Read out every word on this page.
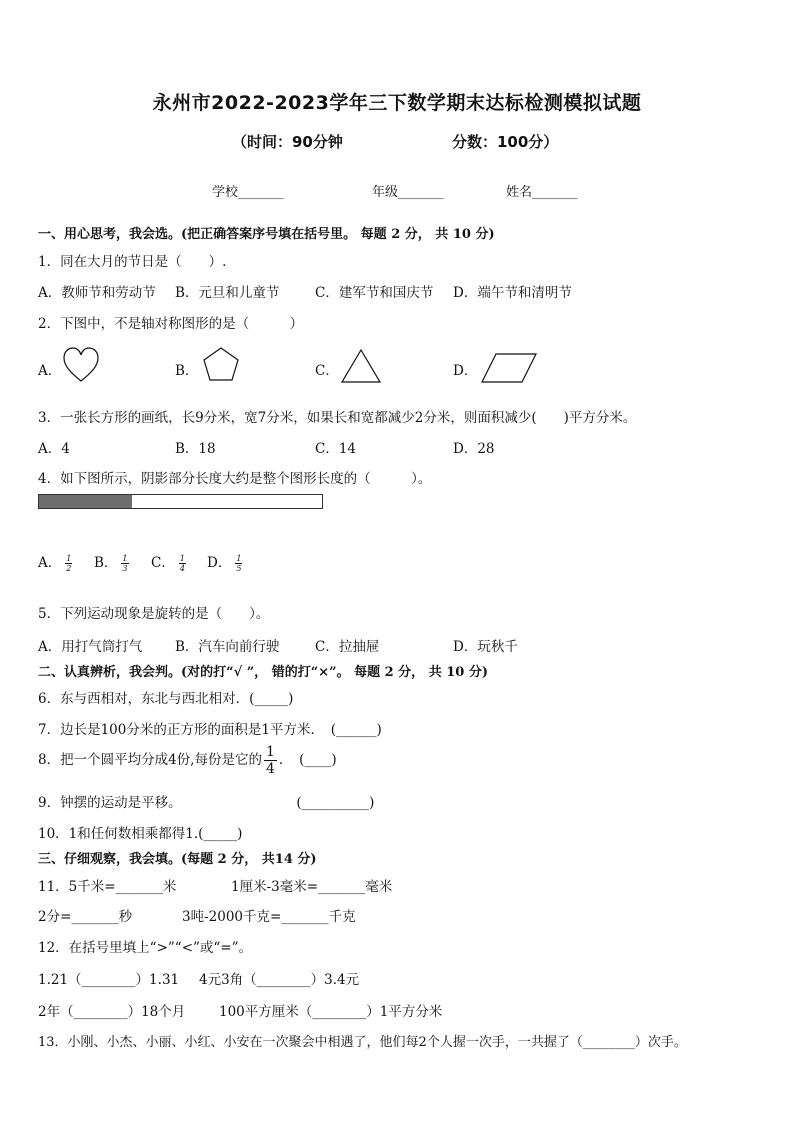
永州市2022-2023学年三下数学期末达标检测模拟试题
（时间：90分钟	分数：100分）
学校_______	年级_______	姓名_______
一、用心思考，我会选。(把正确答案序号填在括号里。 每题 2 分， 共 10 分)
1．同在大月的节日是（　　）.
A．教师节和劳动节 B．元旦和儿童节	C．建军节和国庆节 D．端午节和清明节
2．下图中，不是轴对称图形的是（　　　）
A．	B．	C．	D．
3．一张长方形的画纸，长9分米，宽7分米，如果长和宽都减少2分米，则面积减少(　　)平方分米。
A．4	B．18	C．14	D．28
4．如下图所示，阴影部分长度大约是整个图形长度的（　　　）。
A． $\frac{1}{2}$ B． $\frac{1}{3}$ C． $\frac{1}{4}$ D． $\frac{1}{5}$
5．下列运动现象是旋转的是（　　）。
A．用打气筒打气 B．汽车向前行驶	C．拉抽屉	D．玩秋千
二、认真辨析，我会判。(对的打“√ ”， 错的打“×”。 每题 2 分， 共 10 分)
6．东与西相对，东北与西北相对．(_____)
7．边长是100分米的正方形的面积是1平方米．　(______)
8．把一个圆平均分成4份,每份是它的 $\frac{1}{4}$ ．　(____)
9．钟摆的运动是平移。　　　　　　　　　(__________)
10．1和任何数相乘都得1.(_____)
三、仔细观察，我会填。(每题 2 分， 共14 分)
11．5千米=_______米	1厘米-3毫米=_______毫米
2分=_______秒	3吨-2000千克=_______千克
12．在括号里填上“>”“<”或“=”。
1.21（________）1.31 4元3角（________）3.4元
2年（________）18个月 100平方厘米（________）1平方分米
13．小刚、小杰、小丽、小红、小安在一次聚会中相遇了，他们每2个人握一次手，一共握了（________）次手。
